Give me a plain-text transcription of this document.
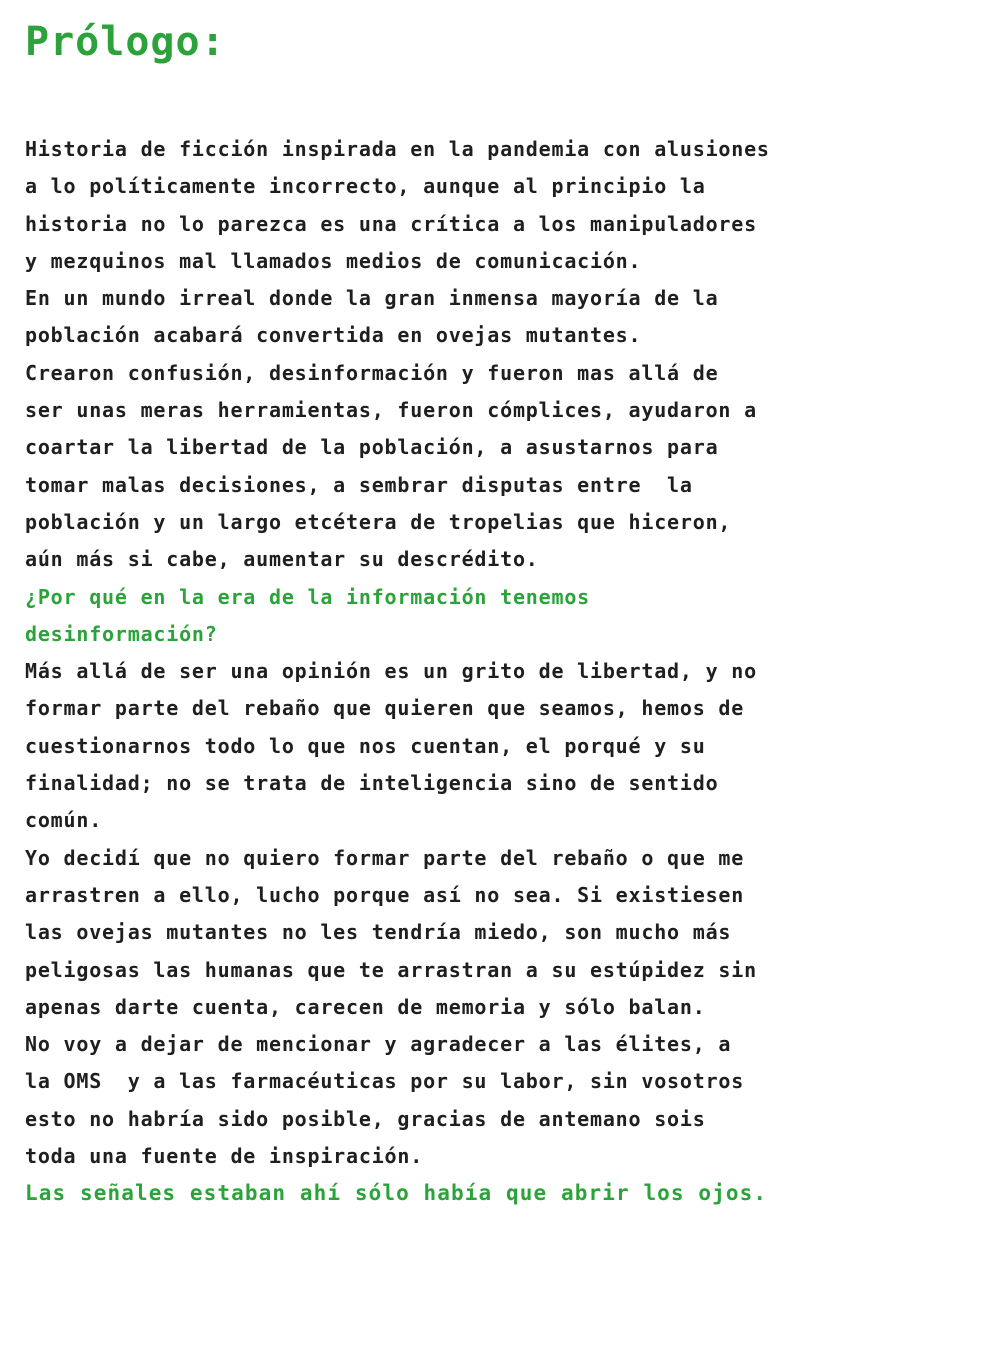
Prólogo:
Historia de ficción inspirada en la pandemia con alusiones
a lo políticamente incorrecto, aunque al principio la
historia no lo parezca es una crítica a los manipuladores
y mezquinos mal llamados medios de comunicación.
En un mundo irreal donde la gran inmensa mayoría de la
población acabará convertida en ovejas mutantes.
Crearon confusión, desinformación y fueron mas allá de
ser unas meras herramientas, fueron cómplices, ayudaron a
coartar la libertad de la población, a asustarnos para
tomar malas decisiones, a sembrar disputas entre  la
población y un largo etcétera de tropelias que hiceron,
aún más si cabe, aumentar su descrédito.
¿Por qué en la era de la información tenemos
desinformación?
Más allá de ser una opinión es un grito de libertad, y no
formar parte del rebaño que quieren que seamos, hemos de
cuestionarnos todo lo que nos cuentan, el porqué y su
finalidad; no se trata de inteligencia sino de sentido
común.
Yo decidí que no quiero formar parte del rebaño o que me
arrastren a ello, lucho porque así no sea. Si existiesen
las ovejas mutantes no les tendría miedo, son mucho más
peligosas las humanas que te arrastran a su estúpidez sin
apenas darte cuenta, carecen de memoria y sólo balan.
No voy a dejar de mencionar y agradecer a las élites, a
la OMS  y a las farmacéuticas por su labor, sin vosotros
esto no habría sido posible, gracias de antemano sois
toda una fuente de inspiración.
Las señales estaban ahí sólo había que abrir los ojos.
